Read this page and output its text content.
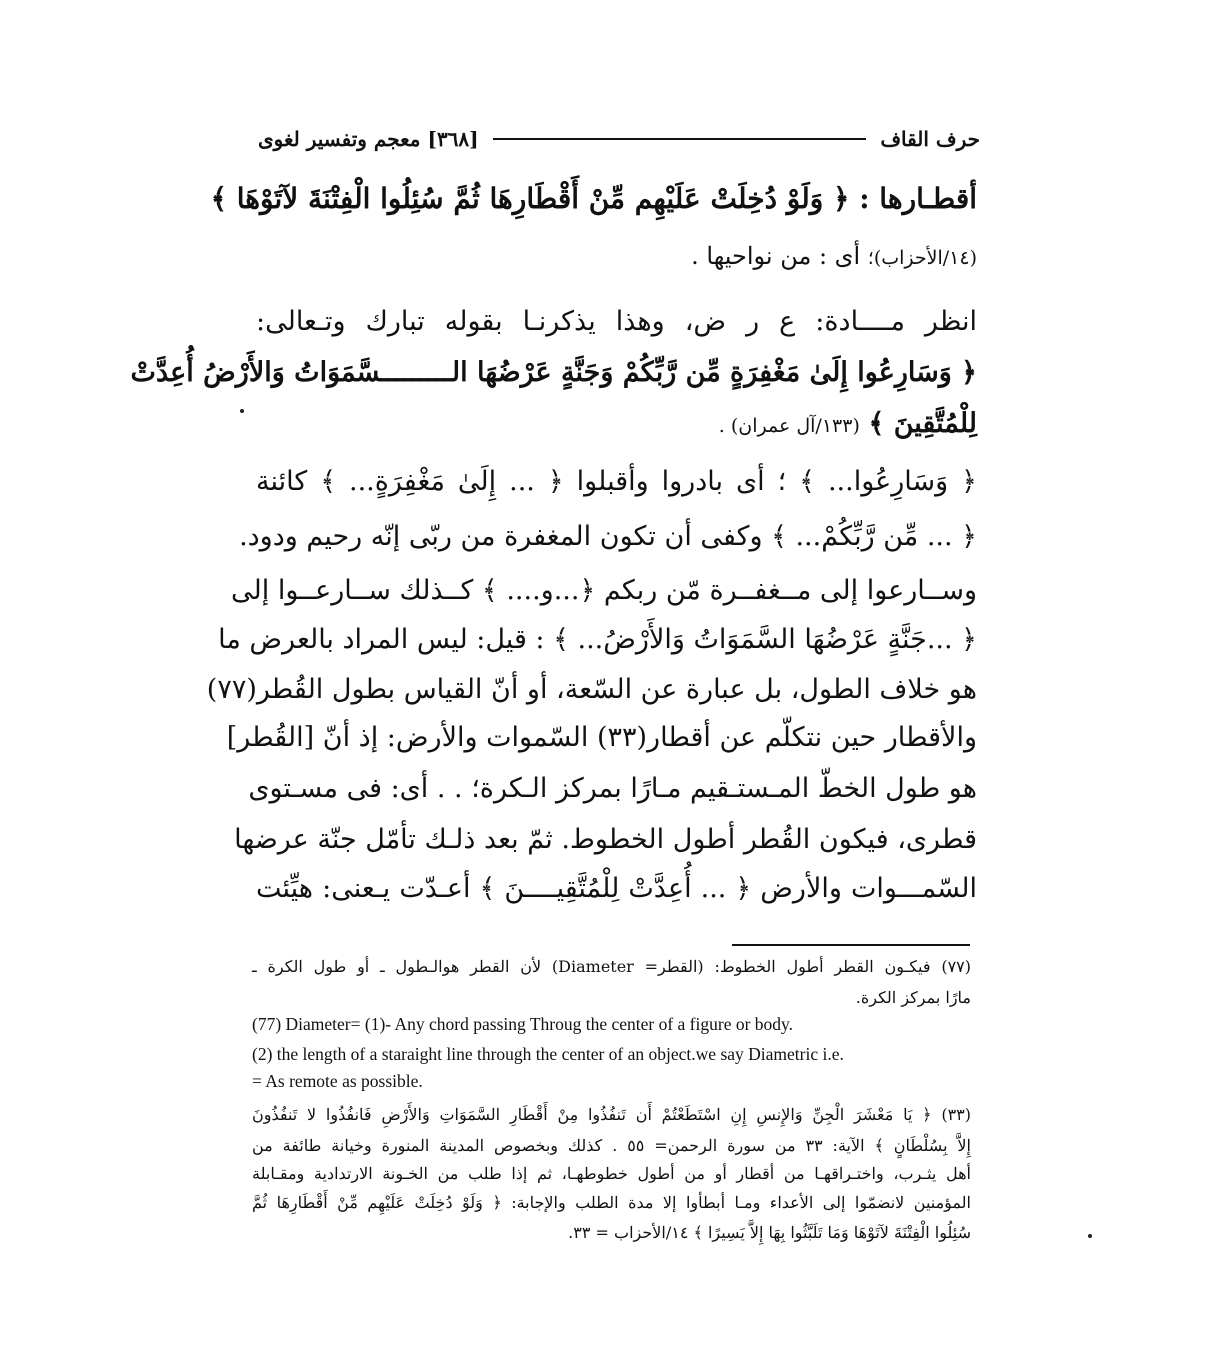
[٣٦٨] معجم وتفسير لغوى	حرف القاف
أقطـارها : ﴿ وَلَوْ دُخِلَتْ عَلَيْهِم مِّنْ أَقْطَارِهَا ثُمَّ سُئِلُوا الْفِتْنَةَ لآتَوْهَا ﴾
(١٤/الأحزاب)؛ أى : من نواحيها .
انظر مــــادة: ع ر ض، وهذا يذكرنـا بقوله تبارك وتـعالى:
﴿ وَسَارِعُوا إِلَىٰ مَغْفِرَةٍ مِّن رَّبِّكُمْ وَجَنَّةٍ عَرْضُهَا الـــــــــسَّمَوَاتُ وَالأَرْضُ أُعِدَّتْ
لِلْمُتَّقِينَ ﴾ (١٣٣/آل عمران) .
﴿ وَسَارِعُوا... ﴾ ؛ أى بادروا وأقبلوا ﴿ ... إِلَىٰ مَغْفِرَةٍ... ﴾ كائنة
﴿ ... مِّن رَّبِّكُمْ... ﴾ وكفى أن تكون المغفرة من ربّى إنّه رحيم ودود.
وســارعوا إلى مــغفــرة مّن ربكم ﴿...و.... ﴾ كــذلك ســارعــوا إلى
﴿ ...جَنَّةٍ عَرْضُهَا السَّمَوَاتُ وَالأَرْضُ... ﴾ : قيل: ليس المراد بالعرض ما
هو خلاف الطول، بل عبارة عن السّعة، أو أنّ القياس بطول القُطر(٧٧)
والأقطار حين نتكلّم عن أقطار(٣٣) السّموات والأرض: إذ أنّ [القُطر]
هو طول الخطّ المـستـقيم مـارًا بمركز الـكرة؛ . . أى: فى مسـتوى
قطرى، فيكون القُطر أطول الخطوط. ثمّ بعد ذلـك تأمّل جنّة عرضها
السّمـــوات والأرض ﴿ ... أُعِدَّتْ لِلْمُتَّقِيــــنَ ﴾ أعـدّت يـعنى: هيِّئت
(٧٧) فيكـون القطر أطول الخطوط: (القطر= Diameter) لأن القطر هوالـطول ـ أو طول الكرة ـ
مارًا بمركز الكرة.
(77) Diameter= (1)- Any chord passing Throug the center of a figure or body.
(2) the length of a staraight line through the center of an object.we say Diametric i.e.
= As remote as possible.
(٣٣) ﴿ يَا مَعْشَرَ الْجِنِّ وَالإِنسِ إِنِ اسْتَطَعْتُمْ أَن تَنفُذُوا مِنْ أَقْطَارِ السَّمَوَاتِ وَالأَرْضِ فَانفُذُوا لا تَنفُذُونَ
إِلاَّ بِسُلْطَانٍ ﴾ الآية: ٣٣ من سورة الرحمن= ٥٥ . كذلك وبخصوص المدينة المنورة وخيانة طائفة من
أهل يثـرب، واختـراقهـا من أقطار أو من أطول خطوطهـا، ثم إذا طلب من الخـونة الارتدادية ومقـابلة
المؤمنين لانضمّوا إلى الأعداء ومـا أبطأوا إلا مدة الطلب والإجابة: ﴿ وَلَوْ دُخِلَتْ عَلَيْهِم مِّنْ أَقْطَارِهَا ثُمَّ
سُئِلُوا الْفِتْنَةَ لآتَوْهَا وَمَا تَلَبَّثُوا بِهَا إِلاَّ يَسِيرًا ﴾ ١٤/الأحزاب = ٣٣.
